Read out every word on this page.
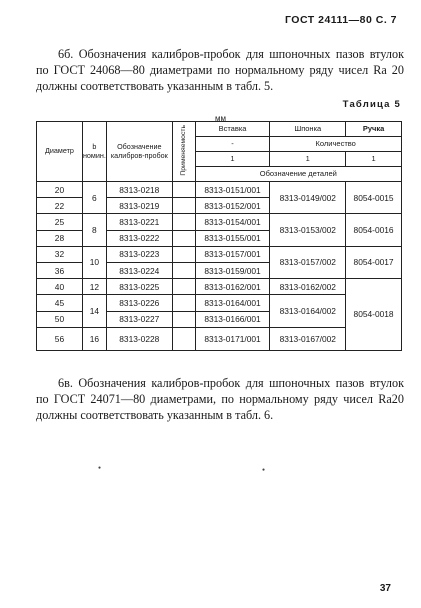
ГОСТ 24111—80 С. 7

6б. Обозначения калибров-пробок для шпоночных пазов втулок по ГОСТ 24068—80 диаметрами по нормальному ряду чисел Ra 20 должны соответствовать указанным в табл. 5.

Таблица 5
мм
Диаметр	b номин.	Обозначение калибров-пробок	Применяемость	Вставка	Шпонка	Ручка
				-	Количество	
				1	1	1
				Обозначение деталей		
20	6	8313-0218		8313-0151/001	8313-0149/002	8054-0015
22		8313-0219		8313-0152/001		
25	8	8313-0221		8313-0154/001	8313-0153/002	8054-0016
28		8313-0222		8313-0155/001		
32	10	8313-0223		8313-0157/001	8313-0157/002	8054-0017
36		8313-0224		8313-0159/001		
40	12	8313-0225		8313-0162/001	8313-0162/002	8054-0018
45	14	8313-0226		8313-0164/001	8313-0164/002	
50		8313-0227		8313-0166/001		
56	16	8313-0228		8313-0171/001	8313-0167/002	

6в. Обозначения калибров-пробок для шпоночных пазов втулок по ГОСТ 24071—80 диаметрами, по нормальному ряду чисел Ra20 должны соответствовать указанным в табл. 6.

●	●
37
